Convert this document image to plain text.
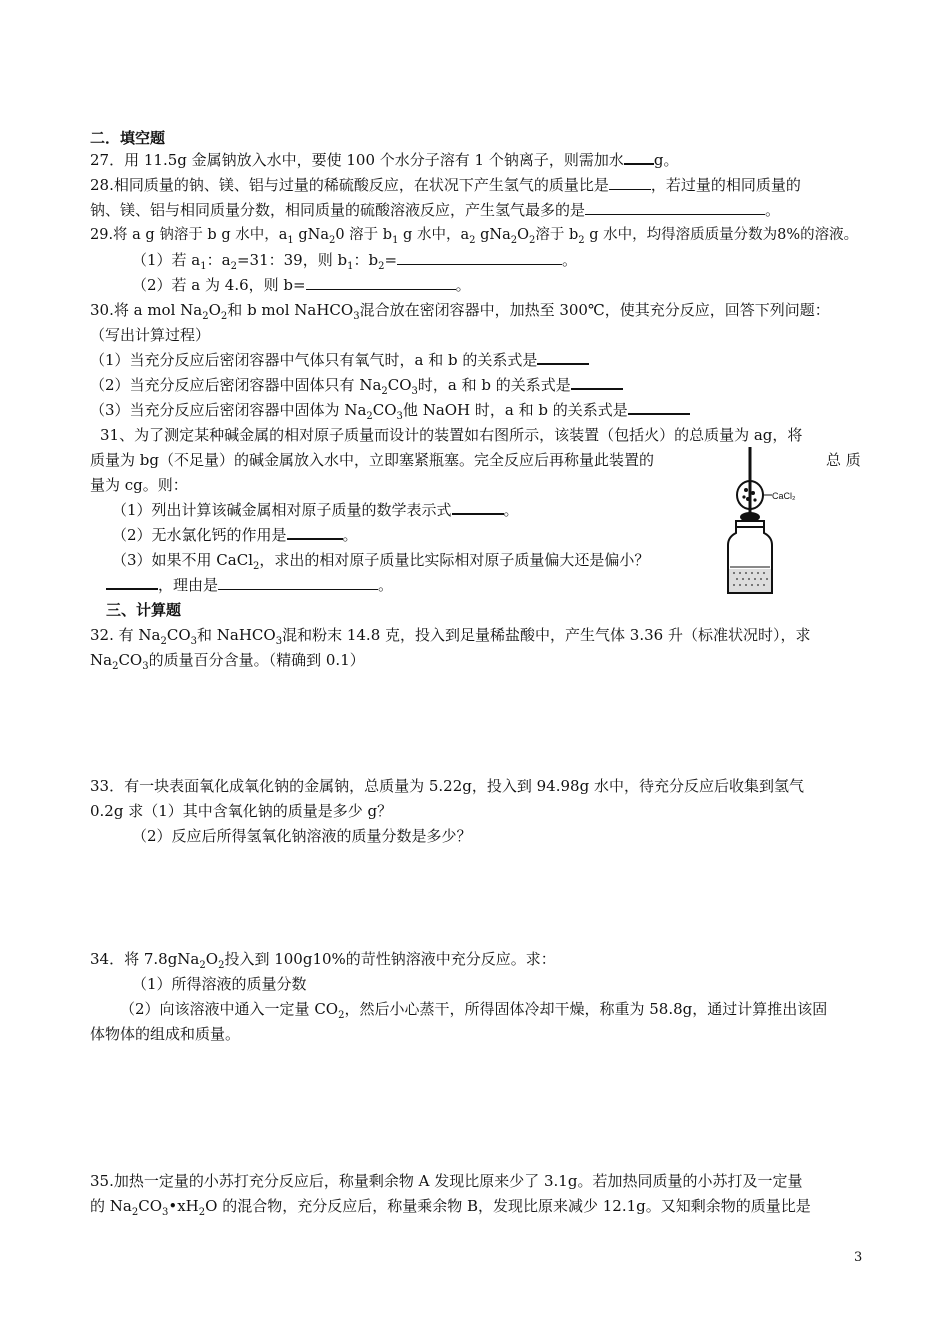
二．填空题
27．用 11.5g 金属钠放入水中，要使 100 个水分子溶有 1 个钠离子，则需加水 g。
28.相同质量的钠、镁、铝与过量的稀硫酸反应，在状况下产生氢气的质量比是	，若过量的相同质量的
钠、镁、铝与相同质量分数，相同质量的硫酸溶液反应，产生氢气最多的是	。
29.将 a g 钠溶于 b g 水中，$a_1$ gNa$_2$0 溶于 $b_1$ g 水中，$a_2$ $gNa_2O_2$溶于 $b_2$ g 水中，均得溶质质量分数为8%的溶液。
（1）若 $a_1$：$a_2=31$：39，则 $b_1$：$b_2=$	。
（2）若 a 为 4.6，则 b=	。
30.将 a mol $Na_2O_2$和 b mol NaHCO$_3$混合放在密闭容器中，加热至 300℃，使其充分反应，回答下列问题：
（写出计算过程）
（1）当充分反应后密闭容器中气体只有氧气时，a 和 b 的关系式是
（2）当充分反应后密闭容器中固体只有 $Na_2CO_3$时，a 和 b 的关系式是
（3）当充分反应后密闭容器中固体为 $Na_2CO_3$他 NaOH 时，a 和 b 的关系式是
31、为了测定某种碱金属的相对原子质量而设计的装置如右图所示，该装置（包括火）的总质量为 ag，将
质量为 bg（不足量）的碱金属放入水中，立即塞紧瓶塞。完全反应后再称量此装置的	总 质
量为 cg。则：
（1）列出计算该碱金属相对原子质量的数学表示式	。
（2）无水氯化钙的作用是	。
（3）如果不用 CaCl$_2$，求出的相对原子质量比实际相对原子质量偏大还是偏小？
，理由是	。
CaCl₂
三、计算题
32. 有 $Na_2CO_3$和 NaHCO$_3$混和粉末 14.8 克，投入到足量稀盐酸中，产生气体 3.36 升（标准状况时），求
$Na_2CO_3$的质量百分含量。（精确到 0.1）
33．有一块表面氧化成氧化钠的金属钠，总质量为 5.22g，投入到 94.98g 水中，待充分反应后收集到氢气
0.2g 求（1）其中含氧化钠的质量是多少 g？
（2）反应后所得氢氧化钠溶液的质量分数是多少？
34．将 $7.8gNa_2O_2$投入到 100g10%的苛性钠溶液中充分反应。求：
（1）所得溶液的质量分数
（2）向该溶液中通入一定量 $CO_2$，然后小心蒸干，所得固体冷却干燥，称重为 58.8g，通过计算推出该固
体物体的组成和质量。
35.加热一定量的小苏打充分反应后，称量剩余物 A 发现比原来少了 3.1g。若加热同质量的小苏打及一定量
的 $Na_2CO_3•xH_2O$ 的混合物，充分反应后，称量乘余物 B，发现比原来减少 12.1g。又知剩余物的质量比是
3
